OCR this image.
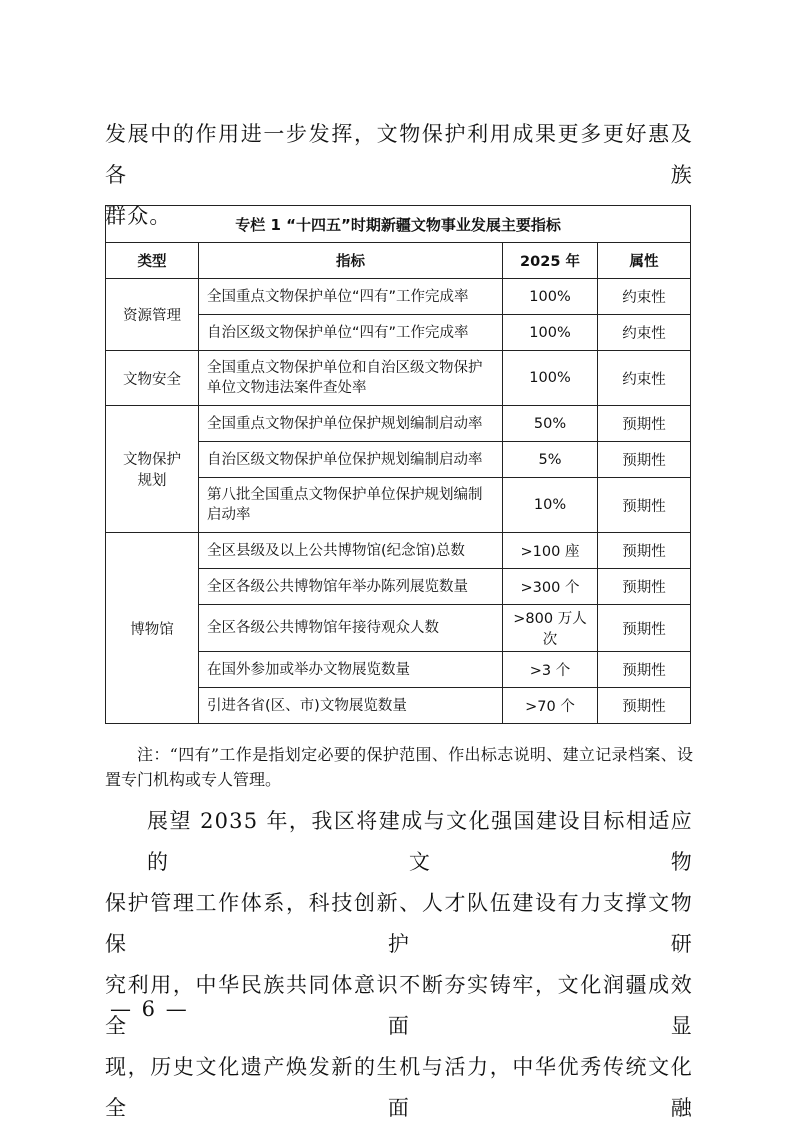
发展中的作用进一步发挥，文物保护利用成果更多更好惠及各族
群众。	专栏 1 “十四五”时期新疆文物事业发展主要指标			
类型	指标	2025 年	属性
资源管理	全国重点文物保护单位“四有”工作完成率	100%	约束性
	自治区级文物保护单位“四有”工作完成率	100%	约束性
文物安全	全国重点文物保护单位和自治区级文物保护单位文物违法案件查处率	100%	约束性
文物保护规划	全国重点文物保护单位保护规划编制启动率	50%	预期性
	自治区级文物保护单位保护规划编制启动率	5%	预期性
	第八批全国重点文物保护单位保护规划编制启动率	10%	预期性
博物馆	全区县级及以上公共博物馆(纪念馆)总数	>100 座	预期性
	全区各级公共博物馆年举办陈列展览数量	>300 个	预期性
	全区各级公共博物馆年接待观众人数	>800 万人次	预期性
	在国外参加或举办文物展览数量	>3 个	预期性
	引进各省(区、市)文物展览数量	>70 个	预期性

注：“四有”工作是指划定必要的保护范围、作出标志说明、建立记录档案、设置专门机构或专人管理。

展望 2035 年，我区将建成与文化强国建设目标相适应的文物
保护管理工作体系，科技创新、人才队伍建设有力支撑文物保护研
究利用，中华民族共同体意识不断夯实铸牢，文化润疆成效全面显
现，历史文化遗产焕发新的生机与活力，中华优秀传统文化全面融

— 6 —
